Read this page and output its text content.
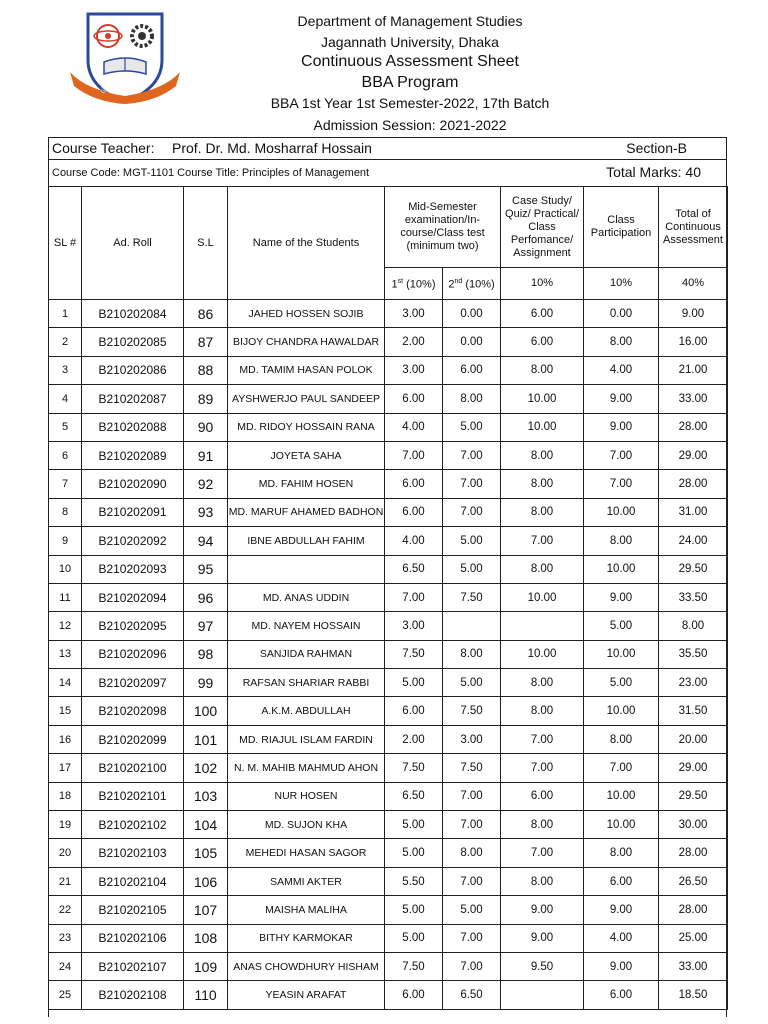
জ্ঞানই শক্তি
Department of Management Studies
Jagannath University, Dhaka
Continuous Assessment Sheet
BBA Program
BBA 1st Year 1st Semester-2022, 17th Batch
Admission Session: 2021-2022
Course Teacher: Prof. Dr. Md. Mosharraf Hossain	Section-B
Course Code: MGT-1101 Course Title: Principles of Management	Total Marks: 40
SL #	Ad. Roll	S.L	Name of the Students	Mid-Semester examination/In-course/Class test (minimum two)		Case Study/ Quiz/ Practical/ Class Perfomance/ Assignment	Class Participation	Total of Continuous Assessment
				1st (10%)	2nd (10%)	10%	10%	40%
1	B210202084	86	JAHED HOSSEN SOJIB	3.00	0.00	6.00	0.00	9.00
2	B210202085	87	BIJOY CHANDRA HAWALDAR	2.00	0.00	6.00	8.00	16.00
3	B210202086	88	MD. TAMIM HASAN POLOK	3.00	6.00	8.00	4.00	21.00
4	B210202087	89	AYSHWERJO PAUL SANDEEP	6.00	8.00	10.00	9.00	33.00
5	B210202088	90	MD. RIDOY HOSSAIN RANA	4.00	5.00	10.00	9.00	28.00
6	B210202089	91	JOYETA SAHA	7.00	7.00	8.00	7.00	29.00
7	B210202090	92	MD. FAHIM HOSEN	6.00	7.00	8.00	7.00	28.00
8	B210202091	93	MD. MARUF AHAMED BADHON	6.00	7.00	8.00	10.00	31.00
9	B210202092	94	IBNE ABDULLAH FAHIM	4.00	5.00	7.00	8.00	24.00
10	B210202093	95		6.50	5.00	8.00	10.00	29.50
11	B210202094	96	MD. ANAS UDDIN	7.00	7.50	10.00	9.00	33.50
12	B210202095	97	MD. NAYEM HOSSAIN	3.00			5.00	8.00
13	B210202096	98	SANJIDA RAHMAN	7.50	8.00	10.00	10.00	35.50
14	B210202097	99	RAFSAN SHARIAR RABBI	5.00	5.00	8.00	5.00	23.00
15	B210202098	100	A.K.M. ABDULLAH	6.00	7.50	8.00	10.00	31.50
16	B210202099	101	MD. RIAJUL ISLAM FARDIN	2.00	3.00	7.00	8.00	20.00
17	B210202100	102	N. M. MAHIB MAHMUD AHON	7.50	7.50	7.00	7.00	29.00
18	B210202101	103	NUR HOSEN	6.50	7.00	6.00	10.00	29.50
19	B210202102	104	MD. SUJON KHA	5.00	7.00	8.00	10.00	30.00
20	B210202103	105	MEHEDI HASAN SAGOR	5.00	8.00	7.00	8.00	28.00
21	B210202104	106	SAMMI AKTER	5.50	7.00	8.00	6.00	26.50
22	B210202105	107	MAISHA MALIHA	5.00	5.00	9.00	9.00	28.00
23	B210202106	108	BITHY KARMOKAR	5.00	7.00	9.00	4.00	25.00
24	B210202107	109	ANAS CHOWDHURY HISHAM	7.50	7.00	9.50	9.00	33.00
25	B210202108	110	YEASIN ARAFAT	6.00	6.50		6.00	18.50
